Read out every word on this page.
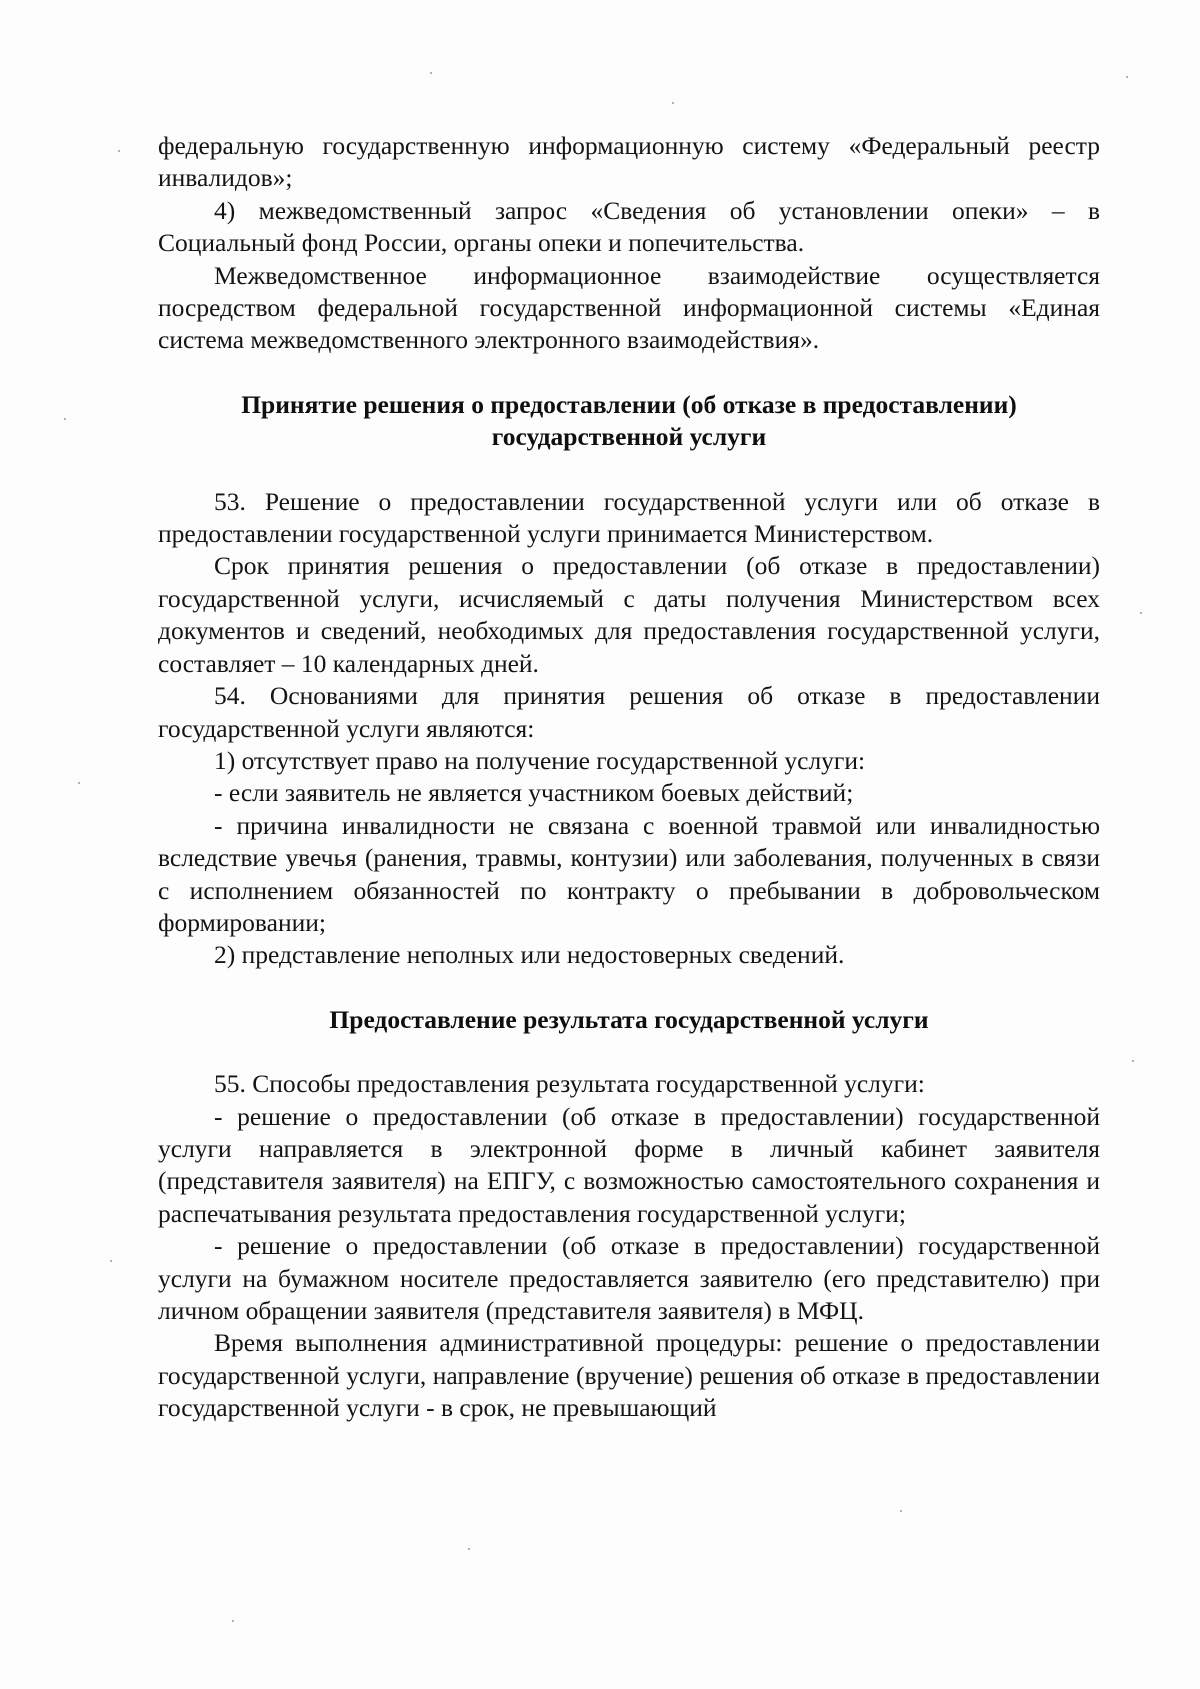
федеральную государственную информационную систему «Федеральный реестр инвалидов»;

4) межведомственный запрос «Сведения об установлении опеки» – в Социальный фонд России, органы опеки и попечительства.

Межведомственное информационное взаимодействие осуществляется посредством федеральной государственной информационной системы «Единая система межведомственного электронного взаимодействия».

Принятие решения о предоставлении (об отказе в предоставлении) государственной услуги

53. Решение о предоставлении государственной услуги или об отказе в предоставлении государственной услуги принимается Министерством.

Срок принятия решения о предоставлении (об отказе в предоставлении) государственной услуги, исчисляемый с даты получения Министерством всех документов и сведений, необходимых для предоставления государственной услуги, составляет – 10 календарных дней.

54. Основаниями для принятия решения об отказе в предоставлении государственной услуги являются:

1) отсутствует право на получение государственной услуги:

- если заявитель не является участником боевых действий;

- причина инвалидности не связана с военной травмой или инвалидностью вследствие увечья (ранения, травмы, контузии) или заболевания, полученных в связи с исполнением обязанностей по контракту о пребывании в добровольческом формировании;

2) представление неполных или недостоверных сведений.

Предоставление результата государственной услуги

55. Способы предоставления результата государственной услуги:

- решение о предоставлении (об отказе в предоставлении) государственной услуги направляется в электронной форме в личный кабинет заявителя (представителя заявителя) на ЕПГУ, с возможностью самостоятельного сохранения и распечатывания результата предоставления государственной услуги;

- решение о предоставлении (об отказе в предоставлении) государственной услуги на бумажном носителе предоставляется заявителю (его представителю) при личном обращении заявителя (представителя заявителя) в МФЦ.

Время выполнения административной процедуры: решение о предоставлении государственной услуги, направление (вручение) решения об отказе в предоставлении государственной услуги - в срок, не превышающий
